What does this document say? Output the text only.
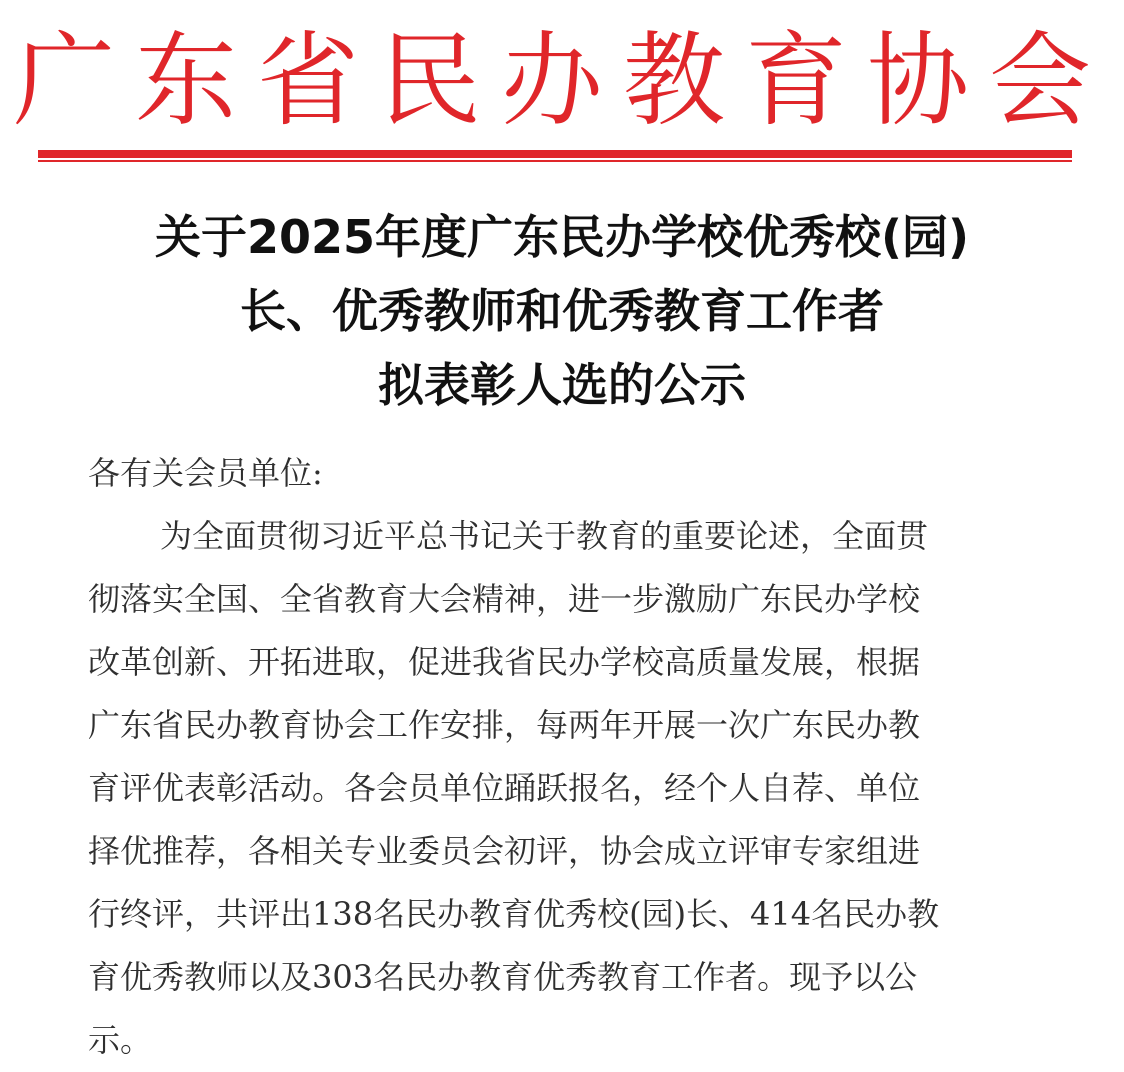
广东省民办教育协会
关于2025年度广东民办学校优秀校(园)
长、优秀教师和优秀教育工作者
拟表彰人选的公示
各有关会员单位:
为全面贯彻习近平总书记关于教育的重要论述，全面贯
彻落实全国、全省教育大会精神，进一步激励广东民办学校
改革创新、开拓进取，促进我省民办学校高质量发展，根据
广东省民办教育协会工作安排，每两年开展一次广东民办教
育评优表彰活动。各会员单位踊跃报名，经个人自荐、单位
择优推荐，各相关专业委员会初评，协会成立评审专家组进
行终评，共评出138名民办教育优秀校(园)长、414名民办教
育优秀教师以及303名民办教育优秀教育工作者。现予以公
示。
